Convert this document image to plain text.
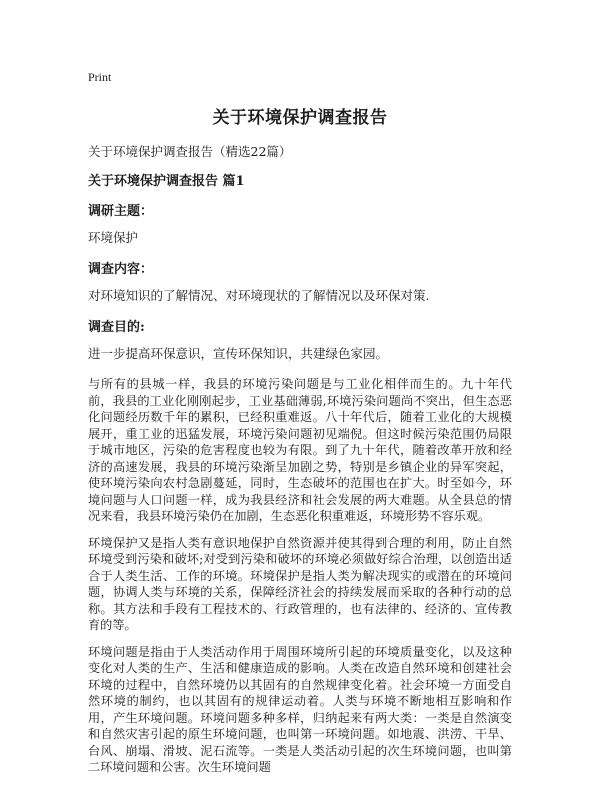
Print
关于环境保护调查报告
关于环境保护调查报告（精选22篇）
关于环境保护调查报告 篇1
调研主题：
环境保护
调查内容：
对环境知识的了解情况、对环境现状的了解情况以及环保对策.
调查目的:
进一步提高环保意识，宣传环保知识，共建绿色家园。
与所有的县城一样，我县的环境污染问题是与工业化相伴而生的。九十年代前，我县的工业化刚刚起步，工业基础薄弱,环境污染问题尚不突出，但生态恶化问题经历数千年的累积，已经积重难返。八十年代后，随着工业化的大规模展开，重工业的迅猛发展，环境污染问题初见端倪。但这时候污染范围仍局限于城市地区，污染的危害程度也较为有限。到了九十年代，随着改革开放和经济的高速发展，我县的环境污染渐呈加剧之势，特别是乡镇企业的异军突起，使环境污染向农村急剧蔓延，同时，生态破坏的范围也在扩大。时至如今，环境问题与人口问题一样，成为我县经济和社会发展的两大难题。从全县总的情况来看，我县环境污染仍在加剧，生态恶化积重难返，环境形势不容乐观。
环境保护又是指人类有意识地保护自然资源并使其得到合理的利用，防止自然环境受到污染和破坏;对受到污染和破坏的环境必须做好综合治理，以创造出适合于人类生活、工作的环境。环境保护是指人类为解决现实的或潜在的环境问题，协调人类与环境的关系，保障经济社会的持续发展而采取的各种行动的总称。其方法和手段有工程技术的、行政管理的，也有法律的、经济的、宣传教育的等。
环境问题是指由于人类活动作用于周围环境所引起的环境质量变化，以及这种变化对人类的生产、生活和健康造成的影响。人类在改造自然环境和创建社会环境的过程中，自然环境仍以其固有的自然规律变化着。社会环境一方面受自然环境的制约，也以其固有的规律运动着。人类与环境不断地相互影响和作用，产生环境问题。环境问题多种多样，归纳起来有两大类：一类是自然演变和自然灾害引起的原生环境问题，也叫第一环境问题。如地震、洪涝、干旱、台风、崩塌、滑坡、泥石流等。一类是人类活动引起的次生环境问题，也叫第二环境问题和公害。次生环境问题
